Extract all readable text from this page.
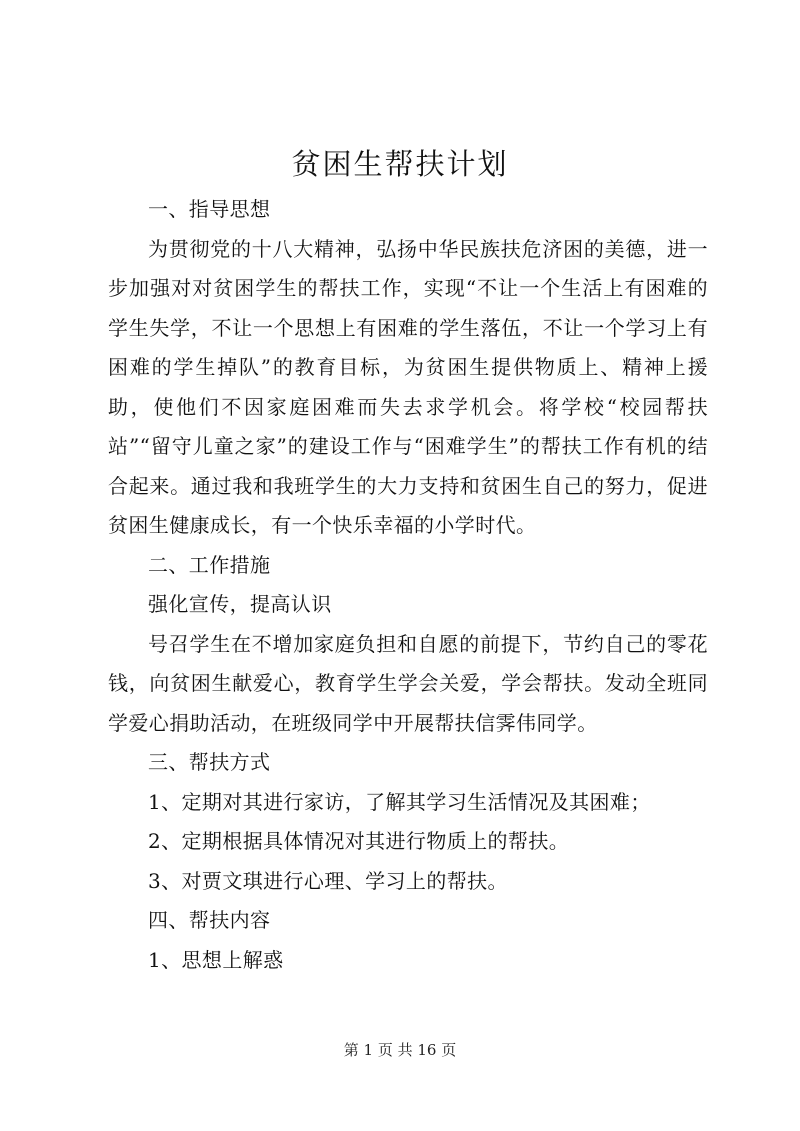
贫困生帮扶计划

一、指导思想

为贯彻党的十八大精神，弘扬中华民族扶危济困的美德，进一步加强对对贫困学生的帮扶工作，实现“不让一个生活上有困难的学生失学，不让一个思想上有困难的学生落伍，不让一个学习上有困难的学生掉队”的教育目标，为贫困生提供物质上、精神上援助，使他们不因家庭困难而失去求学机会。将学校“校园帮扶站”“留守儿童之家”的建设工作与“困难学生”的帮扶工作有机的结合起来。通过我和我班学生的大力支持和贫困生自己的努力，促进贫困生健康成长，有一个快乐幸福的小学时代。

二、工作措施

强化宣传，提高认识

号召学生在不增加家庭负担和自愿的前提下，节约自己的零花钱，向贫困生献爱心，教育学生学会关爱，学会帮扶。发动全班同学爱心捐助活动，在班级同学中开展帮扶信霁伟同学。

三、帮扶方式

1、定期对其进行家访，了解其学习生活情况及其困难；

2、定期根据具体情况对其进行物质上的帮扶。

3、对贾文琪进行心理、学习上的帮扶。

四、帮扶内容

1、思想上解惑

第 1 页 共 16 页
